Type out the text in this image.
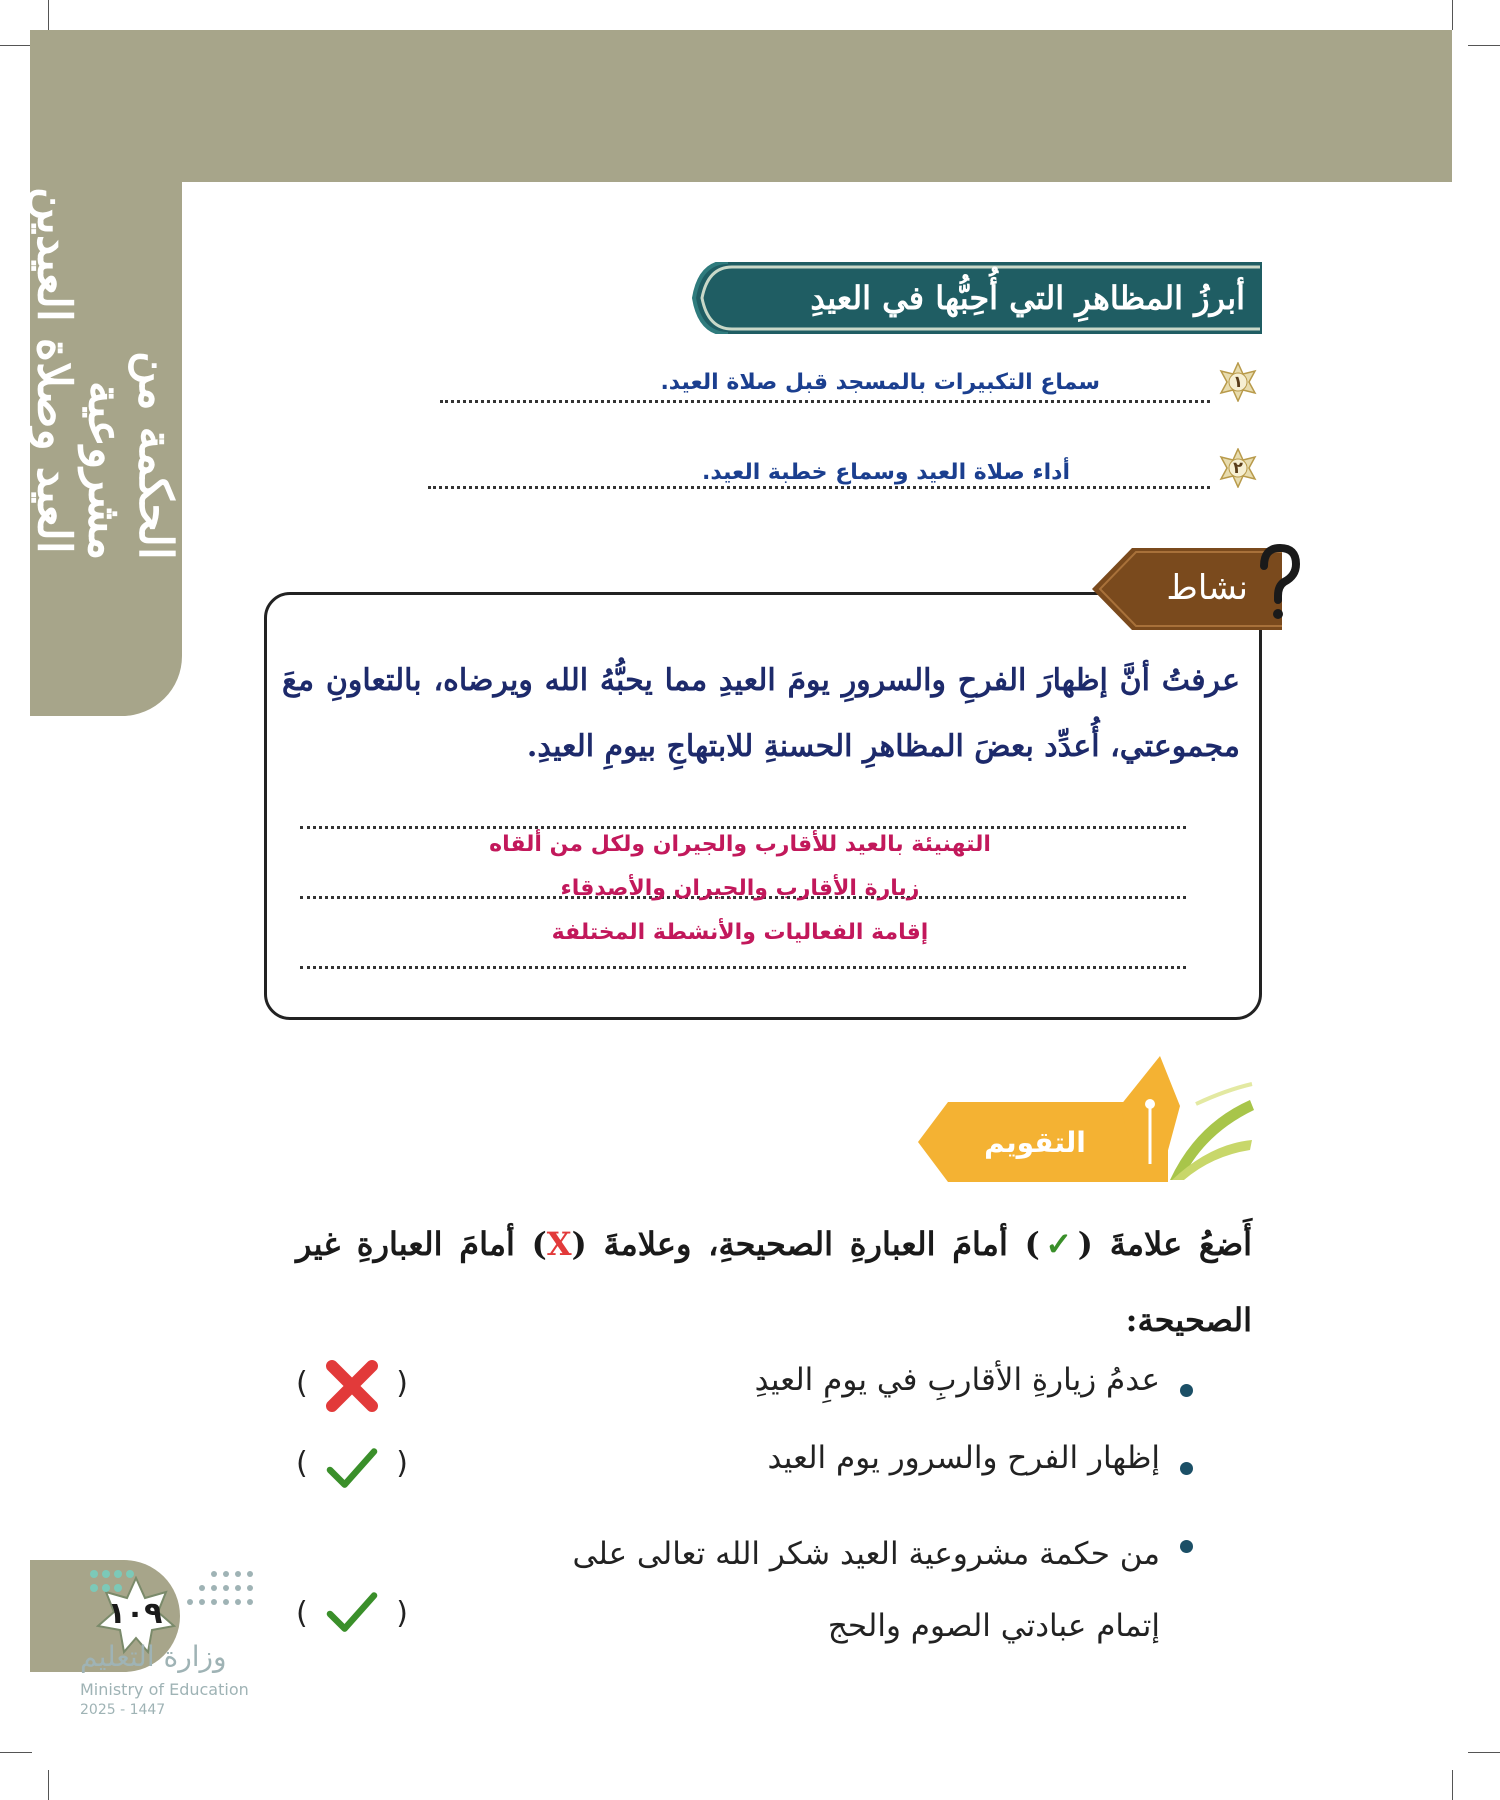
الحكمة من مشروعية
العيد وصلاة العيدين	أبرزُ المظاهرِ التي أُحِبُّها في العيدِ
١
سماع التكبيرات بالمسجد قبل صلاة العيد.
٢
أداء صلاة العيد وسماع خطبة العيد.
نشاط
عرفتُ أنَّ إظهارَ الفرحِ والسرورِ يومَ العيدِ مما يحبُّهُ الله ويرضاه، بالتعاونِ معَ مجموعتي، أُعدِّد بعضَ المظاهرِ الحسنةِ للابتهاجِ بيومِ العيدِ.
التهنيئة بالعيد للأقارب والجيران ولكل من ألقاه
زيارة الأقارب والجيران والأصدقاء
إقامة الفعاليات والأنشطة المختلفة
التقويم
أَضعُ علامةَ (✓) أمامَ العبارةِ الصحيحةِ، وعلامةَ (X) أمامَ العبارةِ غير الصحيحة:
عدمُ زيارةِ الأقاربِ في يومِ العيدِ
(	)
إظهار الفرح والسرور يوم العيد
(	)
من حكمة مشروعية العيد شكر الله تعالى على إتمام عبادتي الصوم والحج
(	)
١٠٩
وزارة التعليم
Ministry of Education
2025 - 1447
